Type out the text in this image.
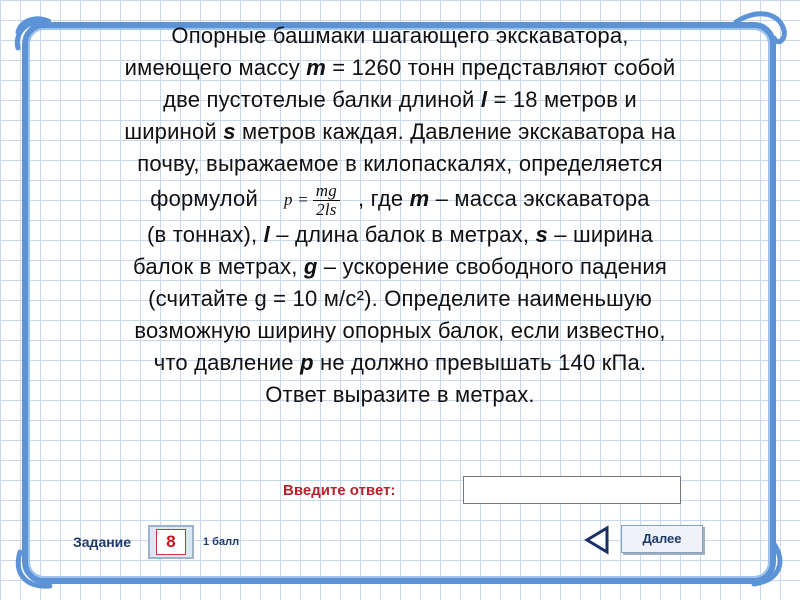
Опорные башмаки шагающего экскаватора,
имеющего массу m = 1260 тонн представляют собой
две пустотелые балки длиной l = 18 метров и
шириной s метров каждая. Давление экскаватора на
почву, выражаемое в килопаскалях, определяется
формулой $p = \frac{mg}{2ls}$ , где m – масса экскаватора
(в тоннах), l – длина балок в метрах, s – ширина
балок в метрах, g – ускорение свободного падения
(считайте g = 10 м/с²). Определите наименьшую
возможную ширину опорных балок, если известно,
что давление p не должно превышать 140 кПа.
Ответ выразите в метрах.
Введите ответ:
Задание	8	1 балл	Далее
